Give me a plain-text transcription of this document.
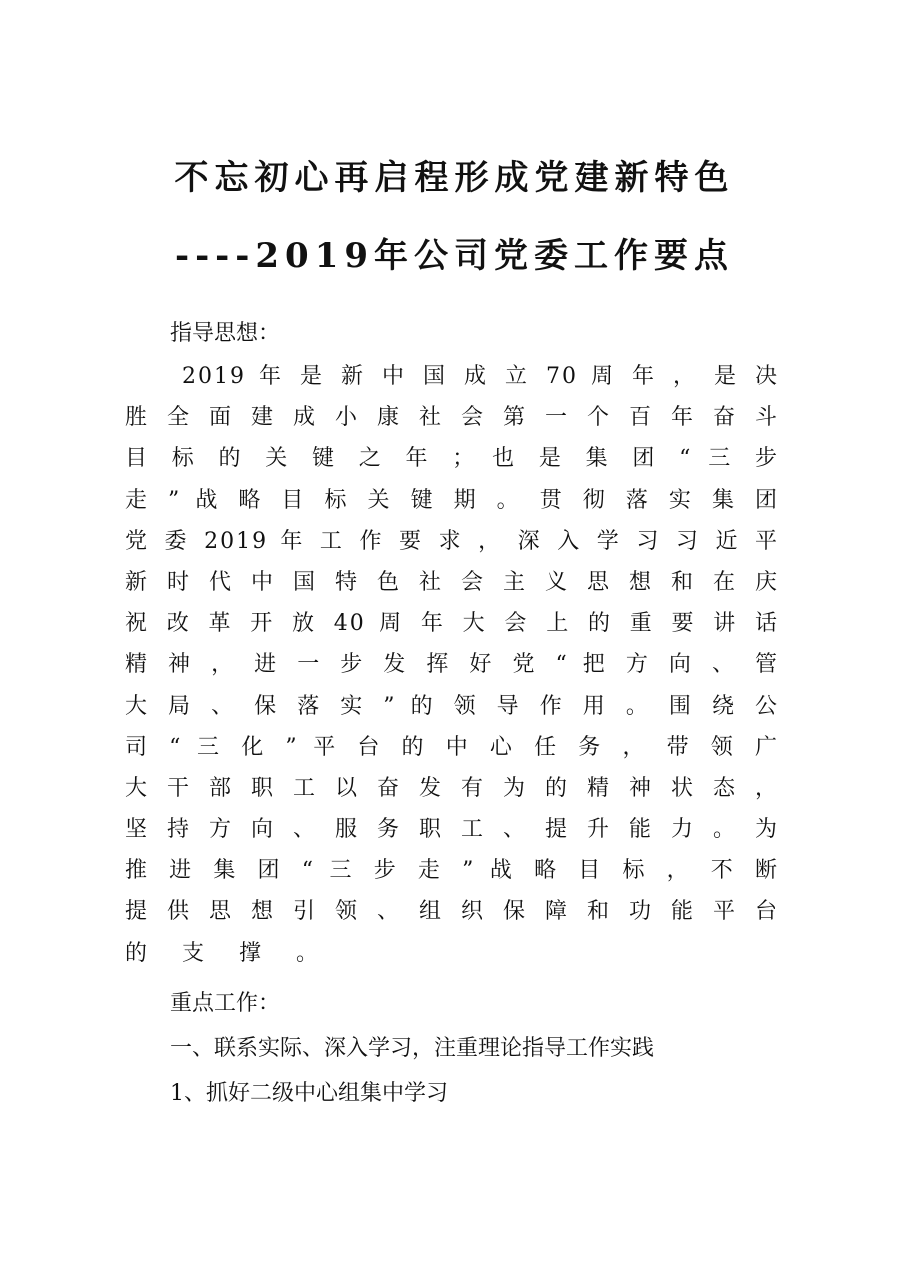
不忘初心再启程形成党建新特色
----2019年公司党委工作要点
指导思想：
2019 年 是 新 中 国 成 立 70 周 年 ， 是 决
胜 全 面 建 成 小 康 社 会 第 一 个 百 年 奋 斗
目 标 的 关 键 之 年 ； 也 是 集 团 “ 三 步
走 ” 战 略 目 标 关 键 期 。 贯 彻 落 实 集 团
党 委 2019 年 工 作 要 求 ， 深 入 学 习 习 近 平
新 时 代 中 国 特 色 社 会 主 义 思 想 和 在 庆
祝 改 革 开 放 40 周 年 大 会 上 的 重 要 讲 话
精 神 ， 进 一 步 发 挥 好 党 “ 把 方 向 、 管
大 局 、 保 落 实 ” 的 领 导 作 用 。 围 绕 公
司 “ 三 化 ” 平 台 的 中 心 任 务 ， 带 领 广
大 干 部 职 工 以 奋 发 有 为 的 精 神 状 态 ，
坚 持 方 向 、 服 务 职 工 、 提 升 能 力 。 为
推 进 集 团 “ 三 步 走 ” 战 略 目 标 ， 不 断
提 供 思 想 引 领 、 组 织 保 障 和 功 能 平 台
的 支 撑 。
重点工作：
一、联系实际、深入学习，注重理论指导工作实践
1、抓好二级中心组集中学习
